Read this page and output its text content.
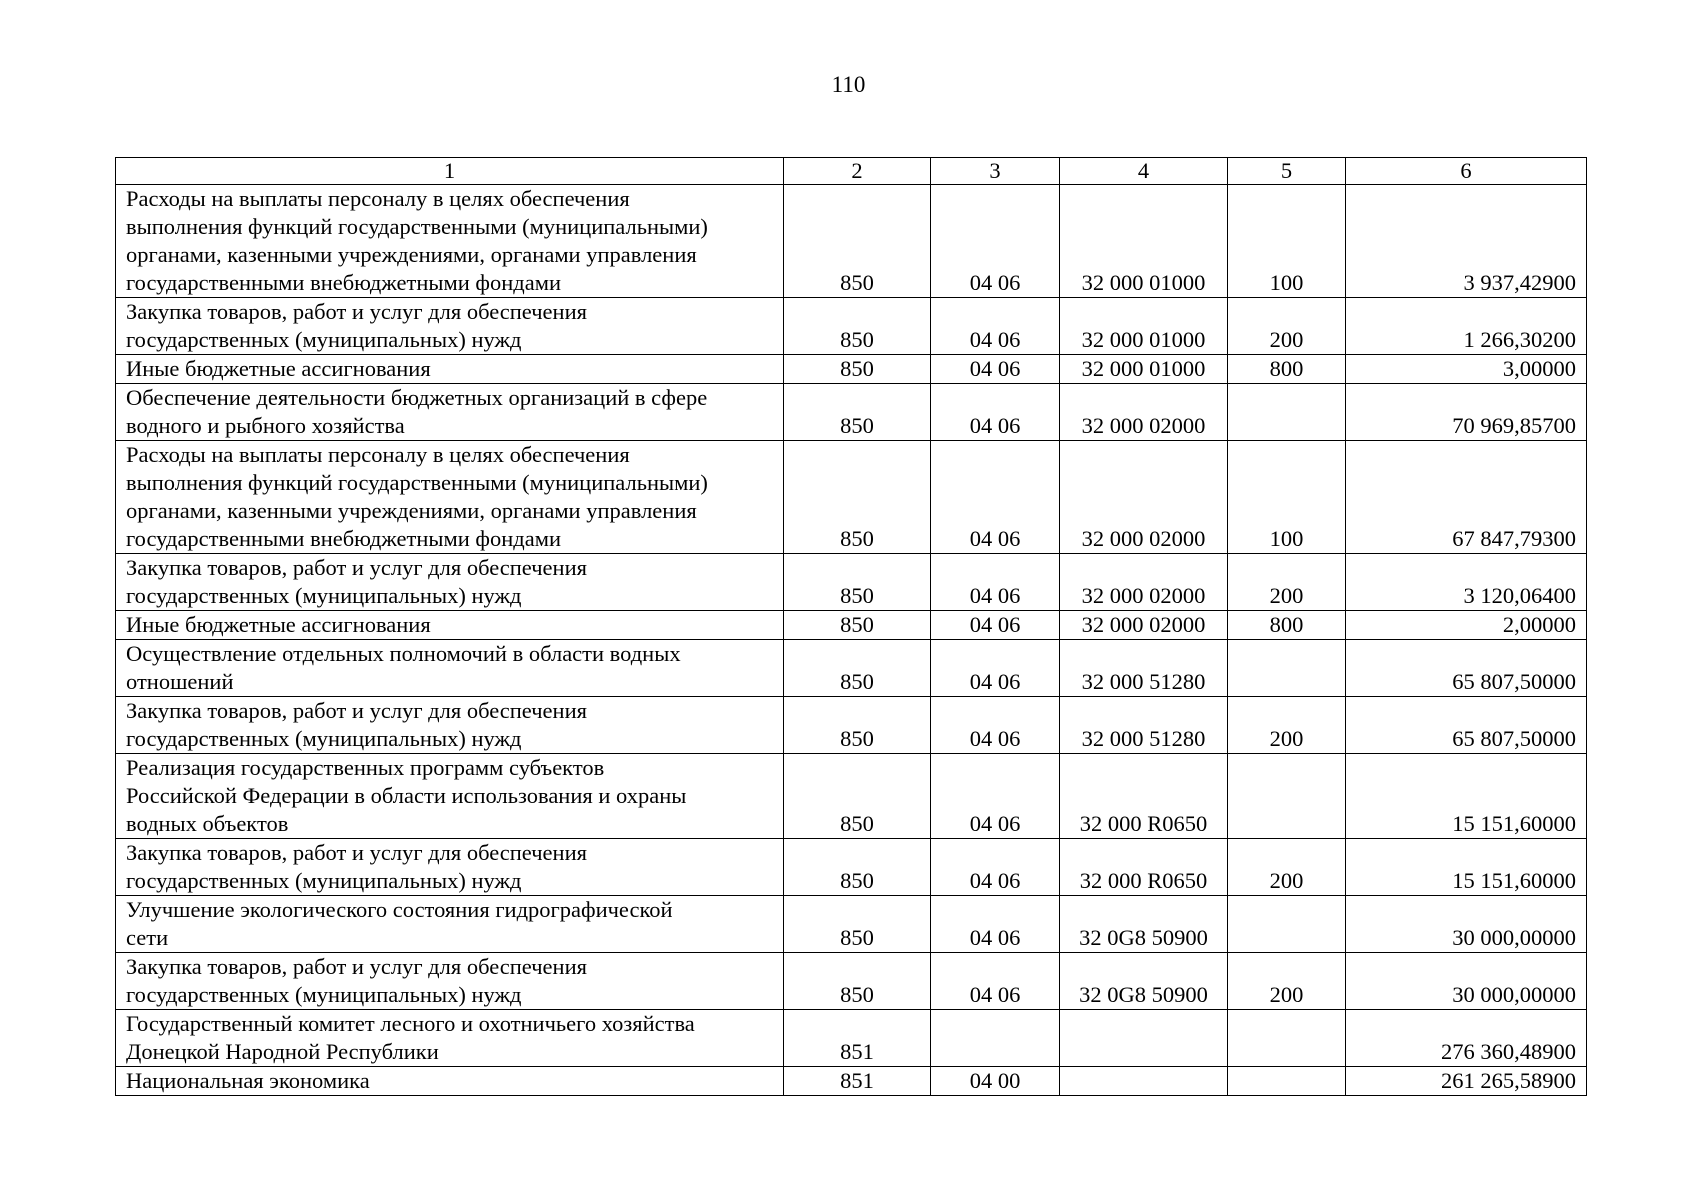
110
1	2	3	4	5	6
Расходы на выплаты персоналу в целях обеспечения
выполнения функций государственными (муниципальными)
органами, казенными учреждениями, органами управления
государственными внебюджетными фондами	850	04 06	32 000 01000	100	3 937,42900
Закупка товаров, работ и услуг для обеспечения
государственных (муниципальных) нужд	850	04 06	32 000 01000	200	1 266,30200
Иные бюджетные ассигнования	850	04 06	32 000 01000	800	3,00000
Обеспечение деятельности бюджетных организаций в сфере
водного и рыбного хозяйства	850	04 06	32 000 02000		70 969,85700
Расходы на выплаты персоналу в целях обеспечения
выполнения функций государственными (муниципальными)
органами, казенными учреждениями, органами управления
государственными внебюджетными фондами	850	04 06	32 000 02000	100	67 847,79300
Закупка товаров, работ и услуг для обеспечения
государственных (муниципальных) нужд	850	04 06	32 000 02000	200	3 120,06400
Иные бюджетные ассигнования	850	04 06	32 000 02000	800	2,00000
Осуществление отдельных полномочий в области водных
отношений	850	04 06	32 000 51280		65 807,50000
Закупка товаров, работ и услуг для обеспечения
государственных (муниципальных) нужд	850	04 06	32 000 51280	200	65 807,50000
Реализация государственных программ субъектов
Российской Федерации в области использования и охраны
водных объектов	850	04 06	32 000 R0650		15 151,60000
Закупка товаров, работ и услуг для обеспечения
государственных (муниципальных) нужд	850	04 06	32 000 R0650	200	15 151,60000
Улучшение экологического состояния гидрографической
сети	850	04 06	32 0G8 50900		30 000,00000
Закупка товаров, работ и услуг для обеспечения
государственных (муниципальных) нужд	850	04 06	32 0G8 50900	200	30 000,00000
Государственный комитет лесного и охотничьего хозяйства
Донецкой Народной Республики	851				276 360,48900
Национальная экономика	851	04 00			261 265,58900
